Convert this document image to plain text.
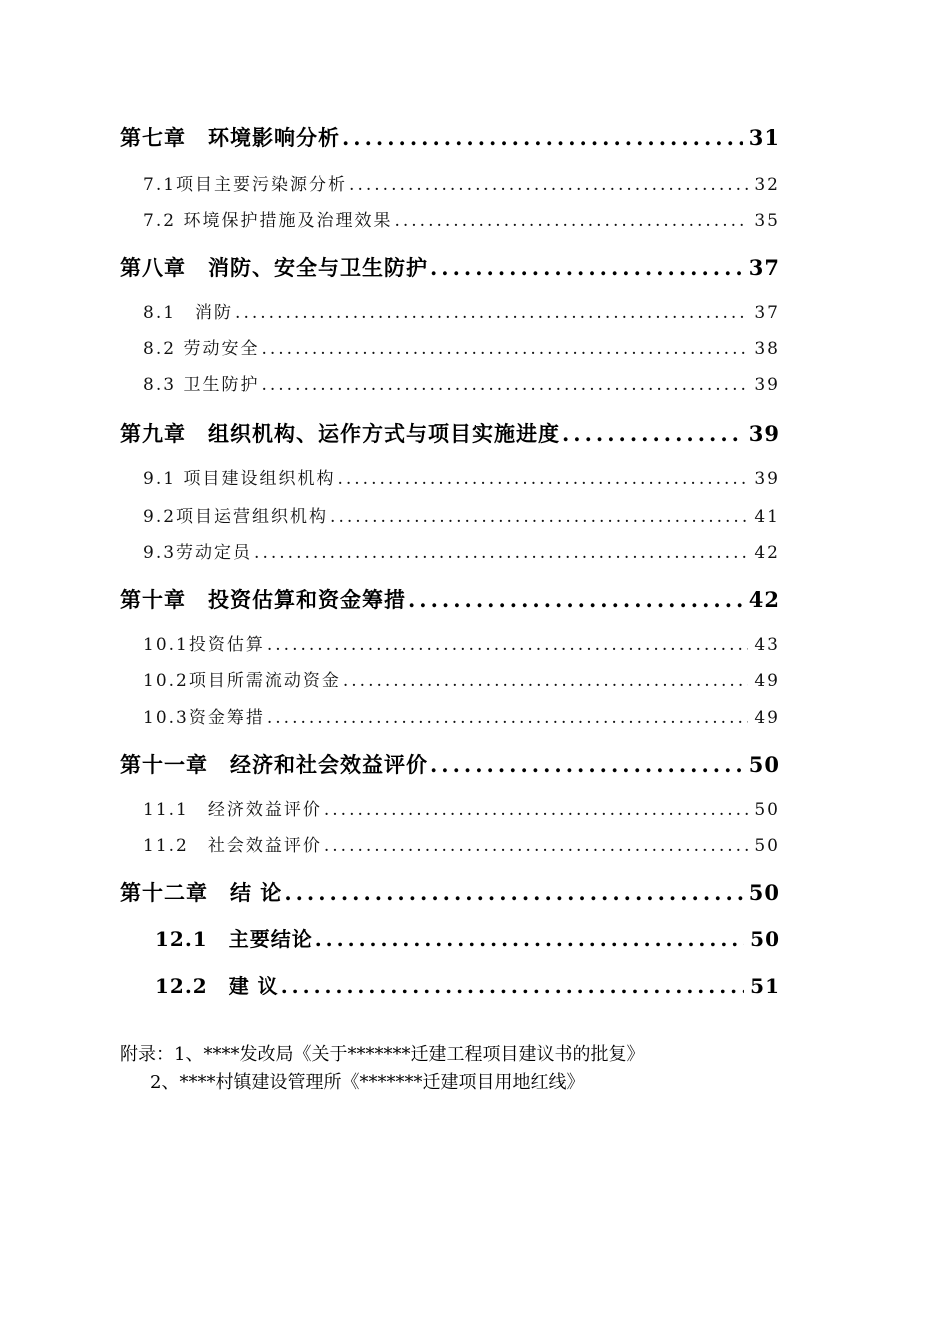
第七章　环境影响分析 .....	31
7.1项目主要污染源分析 .....	32
7.2 环境保护措施及治理效果 .....	35
第八章　消防、安全与卫生防护 .....	37
8.1　消防 .....	37
8.2 劳动安全 .....	38
8.3 卫生防护 .....	39
第九章　组织机构、运作方式与项目实施进度 .....	39
9.1 项目建设组织机构 .....	39
9.2项目运营组织机构 .....	41
9.3劳动定员 .....	42
第十章　投资估算和资金筹措 .....	42
10.1投资估算 .....	43
10.2项目所需流动资金 .....	49
10.3资金筹措 .....	49
第十一章　经济和社会效益评价 .....	50
11.1　经济效益评价 .....	50
11.2　社会效益评价 .....	50
第十二章　结 论 .....	50
12.1　主要结论 .....	50
12.2　建 议 .....	51
附录：1、****发改局《关于*******迁建工程项目建议书的批复》
2、****村镇建设管理所《*******迁建项目用地红线》
